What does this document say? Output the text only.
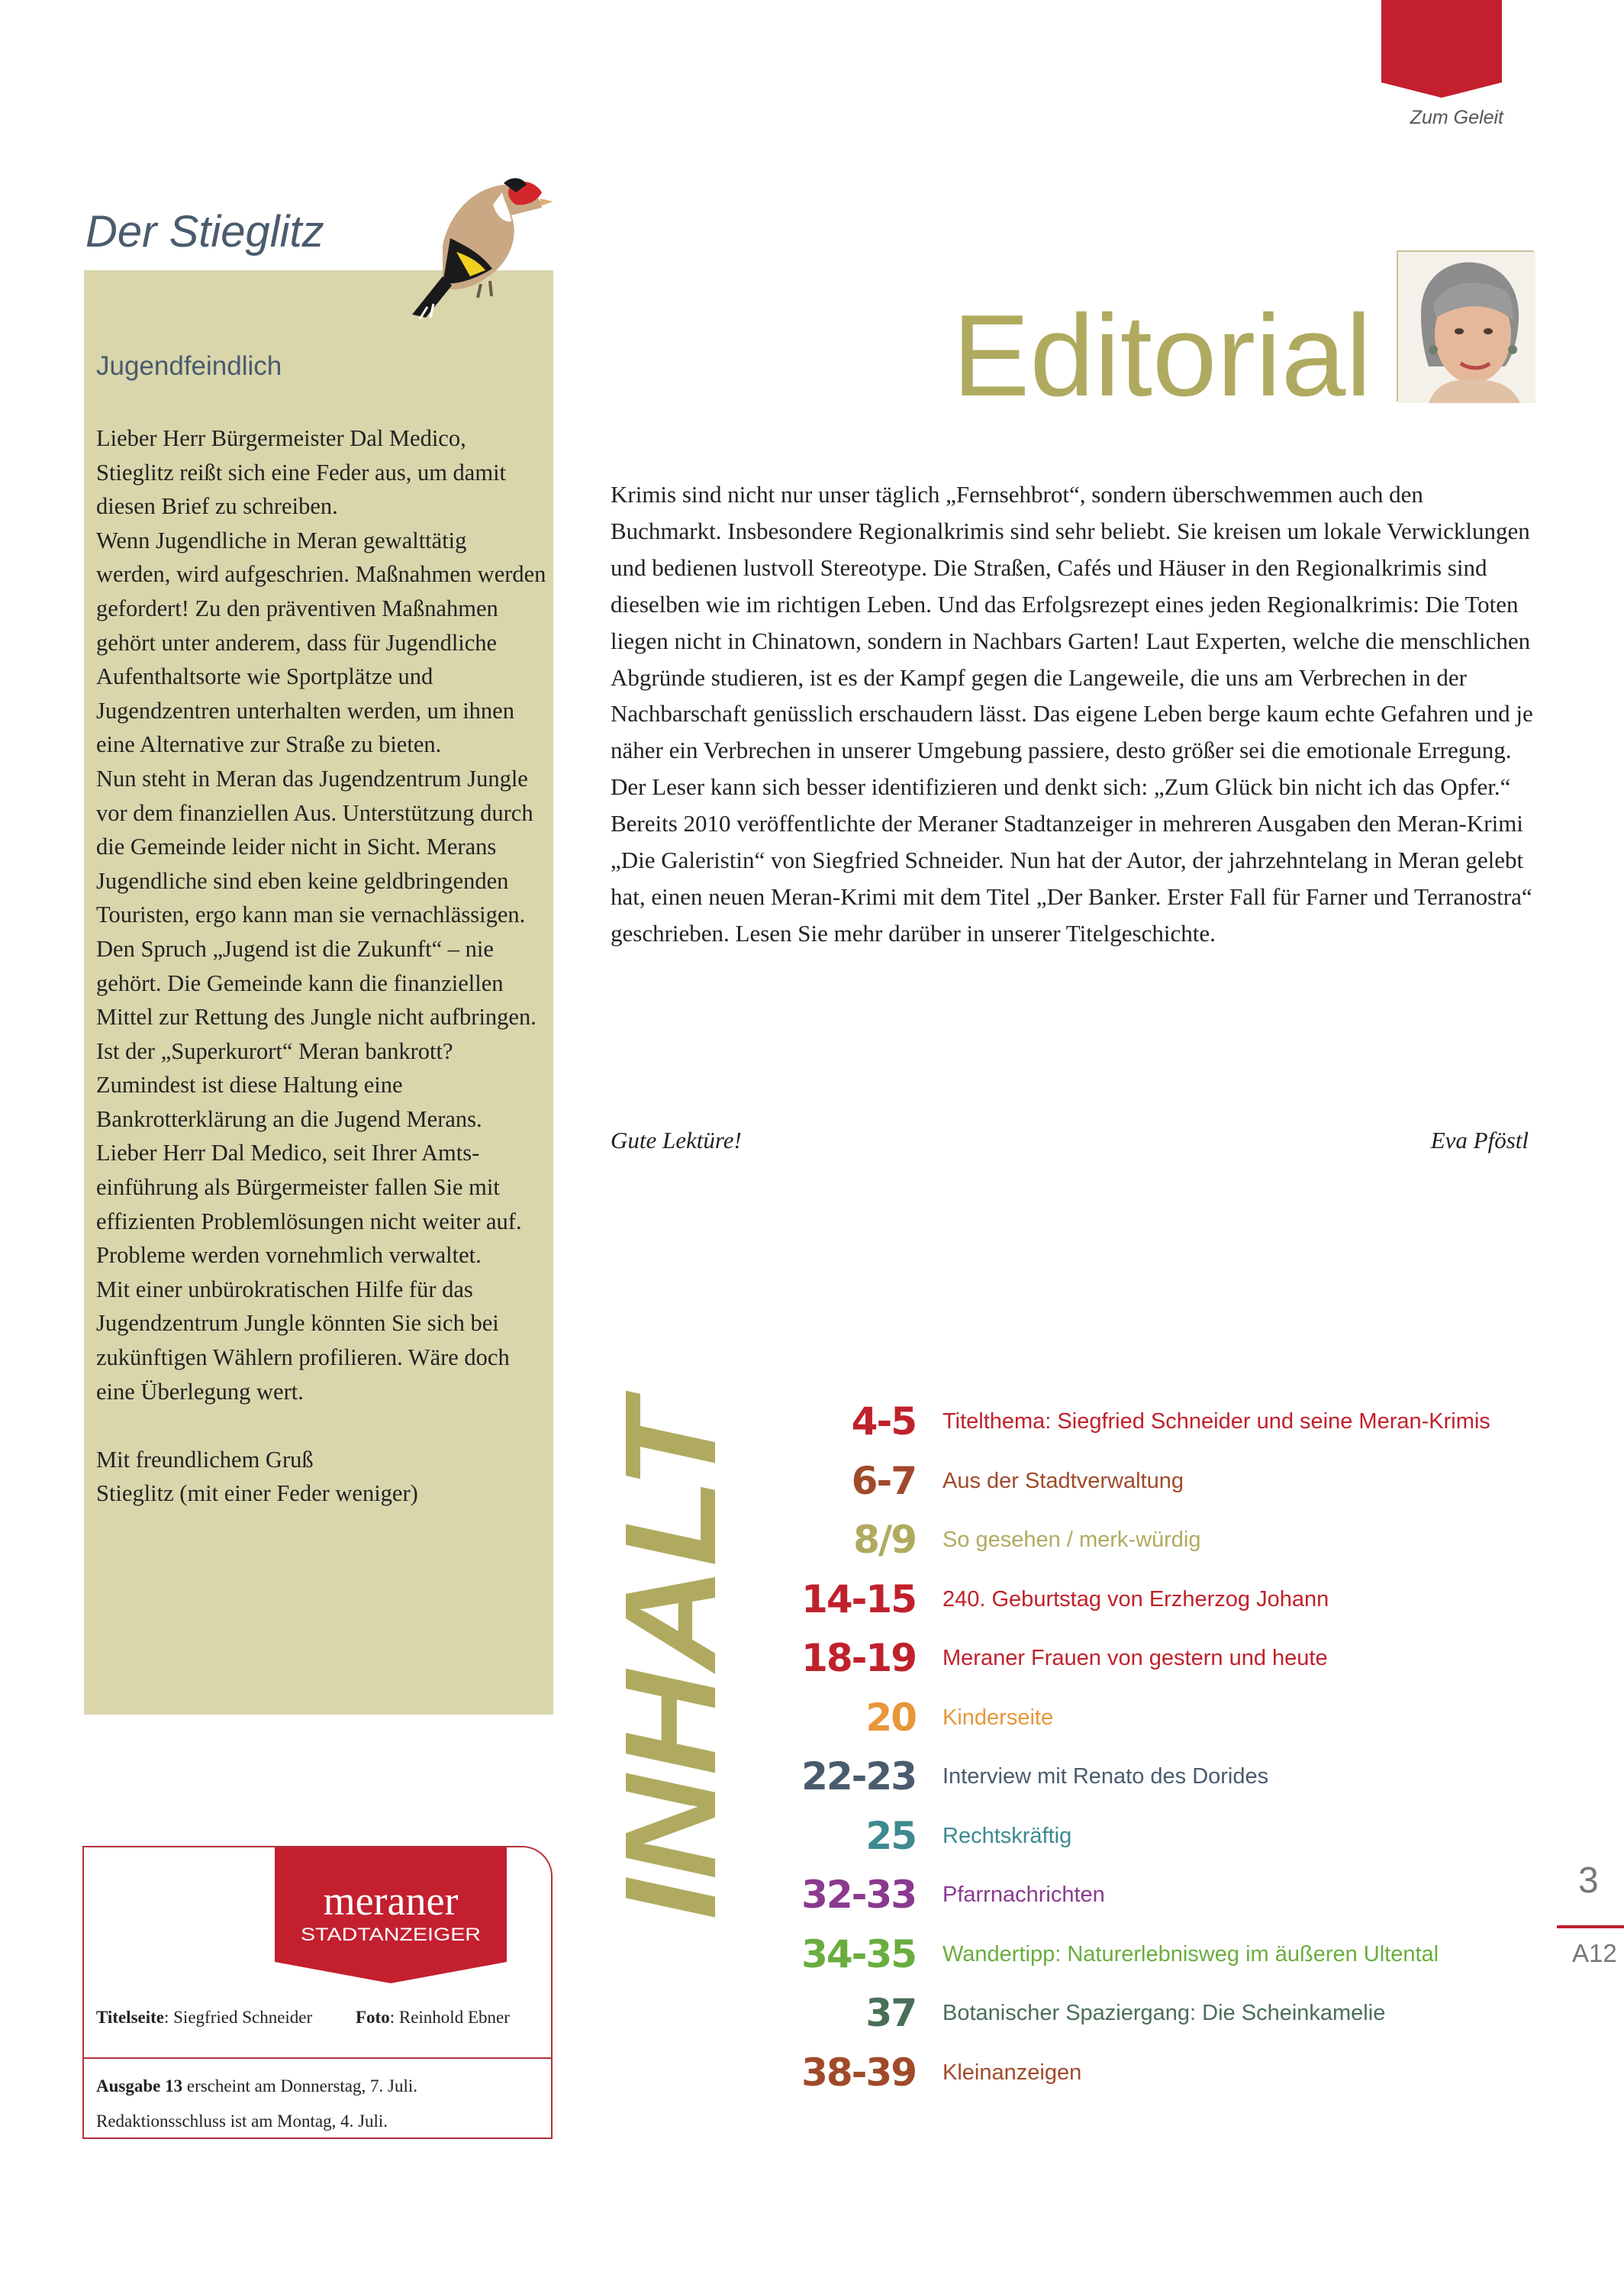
Zum Geleit
Der Stieglitz
Jugendfeindlich

Lieber Herr Bürgermeister Dal Medico, Stieglitz reißt sich eine Feder aus, um damit diesen Brief zu schreiben.

Wenn Jugendliche in Meran gewalttätig werden, wird aufgeschrien. Maßnahmen werden gefordert! Zu den präventiven Maßnahmen gehört unter anderem, dass für Jugendliche Aufenthaltsorte wie Sportplätze und Jugendzentren unterhalten werden, um ihnen eine Alternative zur Straße zu bieten.

Nun steht in Meran das Jugendzentrum Jungle vor dem finanziellen Aus. Unterstützung durch die Gemeinde leider nicht in Sicht. Merans Jugendliche sind eben keine geldbringenden Touristen, ergo kann man sie vernachlässigen.

Den Spruch „Jugend ist die Zukunft“ – nie gehört. Die Gemeinde kann die finanziellen Mittel zur Rettung des Jungle nicht aufbringen. Ist der „Superkurort“ Meran bankrott? Zumindest ist diese Haltung eine Bankrotterklärung an die Jugend Merans.

Lieber Herr Dal Medico, seit Ihrer Amtseinführung als Bürgermeister fallen Sie mit effizienten Problemlösungen nicht weiter auf. Probleme werden vornehmlich verwaltet.

Mit einer unbürokratischen Hilfe für das Jugendzentrum Jungle könnten Sie sich bei zukünftigen Wählern profilieren. Wäre doch eine Überlegung wert.

Mit freundlichem Gruß

Stieglitz (mit einer Feder weniger)

Editorial

Krimis sind nicht nur unser täglich „Fernsehbrot“, sondern überschwemmen auch den Buchmarkt. Insbesondere Regionalkrimis sind sehr beliebt. Sie kreisen um lokale Verwicklungen und bedienen lustvoll Stereotype. Die Straßen, Cafés und Häuser in den Regionalkrimis sind dieselben wie im richtigen Leben. Und das Erfolgsrezept eines jeden Regionalkrimis: Die Toten liegen nicht in Chinatown, sondern in Nachbars Garten! Laut Experten, welche die menschlichen Abgründe studieren, ist es der Kampf gegen die Langeweile, die uns am Verbrechen in der Nachbarschaft genüsslich erschaudern lässt. Das eigene Leben berge kaum echte Gefahren und je näher ein Verbrechen in unserer Umgebung passiere, desto größer sei die emotionale Erregung. Der Leser kann sich besser identifizieren und denkt sich: „Zum Glück bin nicht ich das Opfer.“

Bereits 2010 veröffentlichte der Meraner Stadtanzeiger in mehreren Ausgaben den Meran-Krimi „Die Galeristin“ von Siegfried Schneider. Nun hat der Autor, der jahrzehntelang in Meran gelebt hat, einen neuen Meran-Krimi mit dem Titel „Der Banker. Erster Fall für Farner und Terranostra“ geschrieben. Lesen Sie mehr darüber in unserer Titelgeschichte.

Gute Lektüre!	Eva Pföstl
INHALT
4-5 Titelthema: Siegfried Schneider und seine Meran-Krimis
6-7 Aus der Stadtverwaltung
8/9 So gesehen / merk-würdig
14-15 240. Geburtstag von Erzherzog Johann
18-19 Meraner Frauen von gestern und heute
20 Kinderseite
22-23 Interview mit Renato des Dorides
25 Rechtskräftig
32-33 Pfarrnachrichten
34-35 Wandertipp: Naturerlebnisweg im äußeren Ultental
37 Botanischer Spaziergang: Die Scheinkamelie
38-39 Kleinanzeigen
3
A12
meraner
STADTANZEIGER
Titelseite: Siegfried Schneider Foto: Reinhold Ebner
Ausgabe 13 erscheint am Donnerstag, 7. Juli.
Redaktionsschluss ist am Montag, 4. Juli.
